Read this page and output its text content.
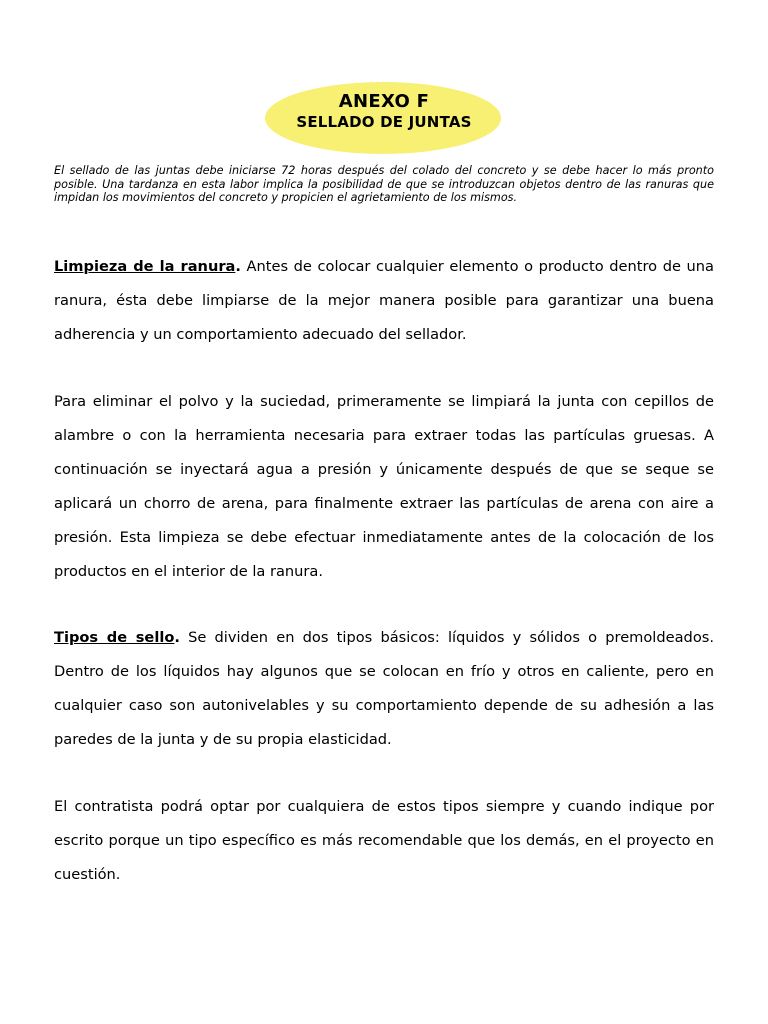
ANEXO F
SELLADO DE JUNTAS

El sellado de las juntas debe iniciarse 72 horas después del colado del concreto y se debe hacer lo más pronto posible. Una tardanza en esta labor implica la posibilidad de que se introduzcan objetos dentro de las ranuras que impidan los movimientos del concreto y propicien el agrietamiento de los mismos.

Limpieza de la ranura. Antes de colocar cualquier elemento o producto dentro de una ranura, ésta debe limpiarse de la mejor manera posible para garantizar una buena adherencia y un comportamiento adecuado del sellador.

Para eliminar el polvo y la suciedad, primeramente se limpiará la junta con cepillos de alambre o con la herramienta necesaria para extraer todas las partículas gruesas. A continuación se inyectará agua a presión y únicamente después de que se seque se aplicará un chorro de arena, para finalmente extraer las partículas de arena con aire a presión. Esta limpieza se debe efectuar inmediatamente antes de la colocación de los productos en el interior de la ranura.

Tipos de sello. Se dividen en dos tipos básicos: líquidos y sólidos o premoldeados. Dentro de los líquidos hay algunos que se colocan en frío y otros en caliente, pero en cualquier caso son autonivelables y su comportamiento depende de su adhesión a las paredes de la junta y de su propia elasticidad.

El contratista podrá optar por cualquiera de estos tipos siempre y cuando indique por escrito porque un tipo específico es más recomendable que los demás, en el proyecto en cuestión.
